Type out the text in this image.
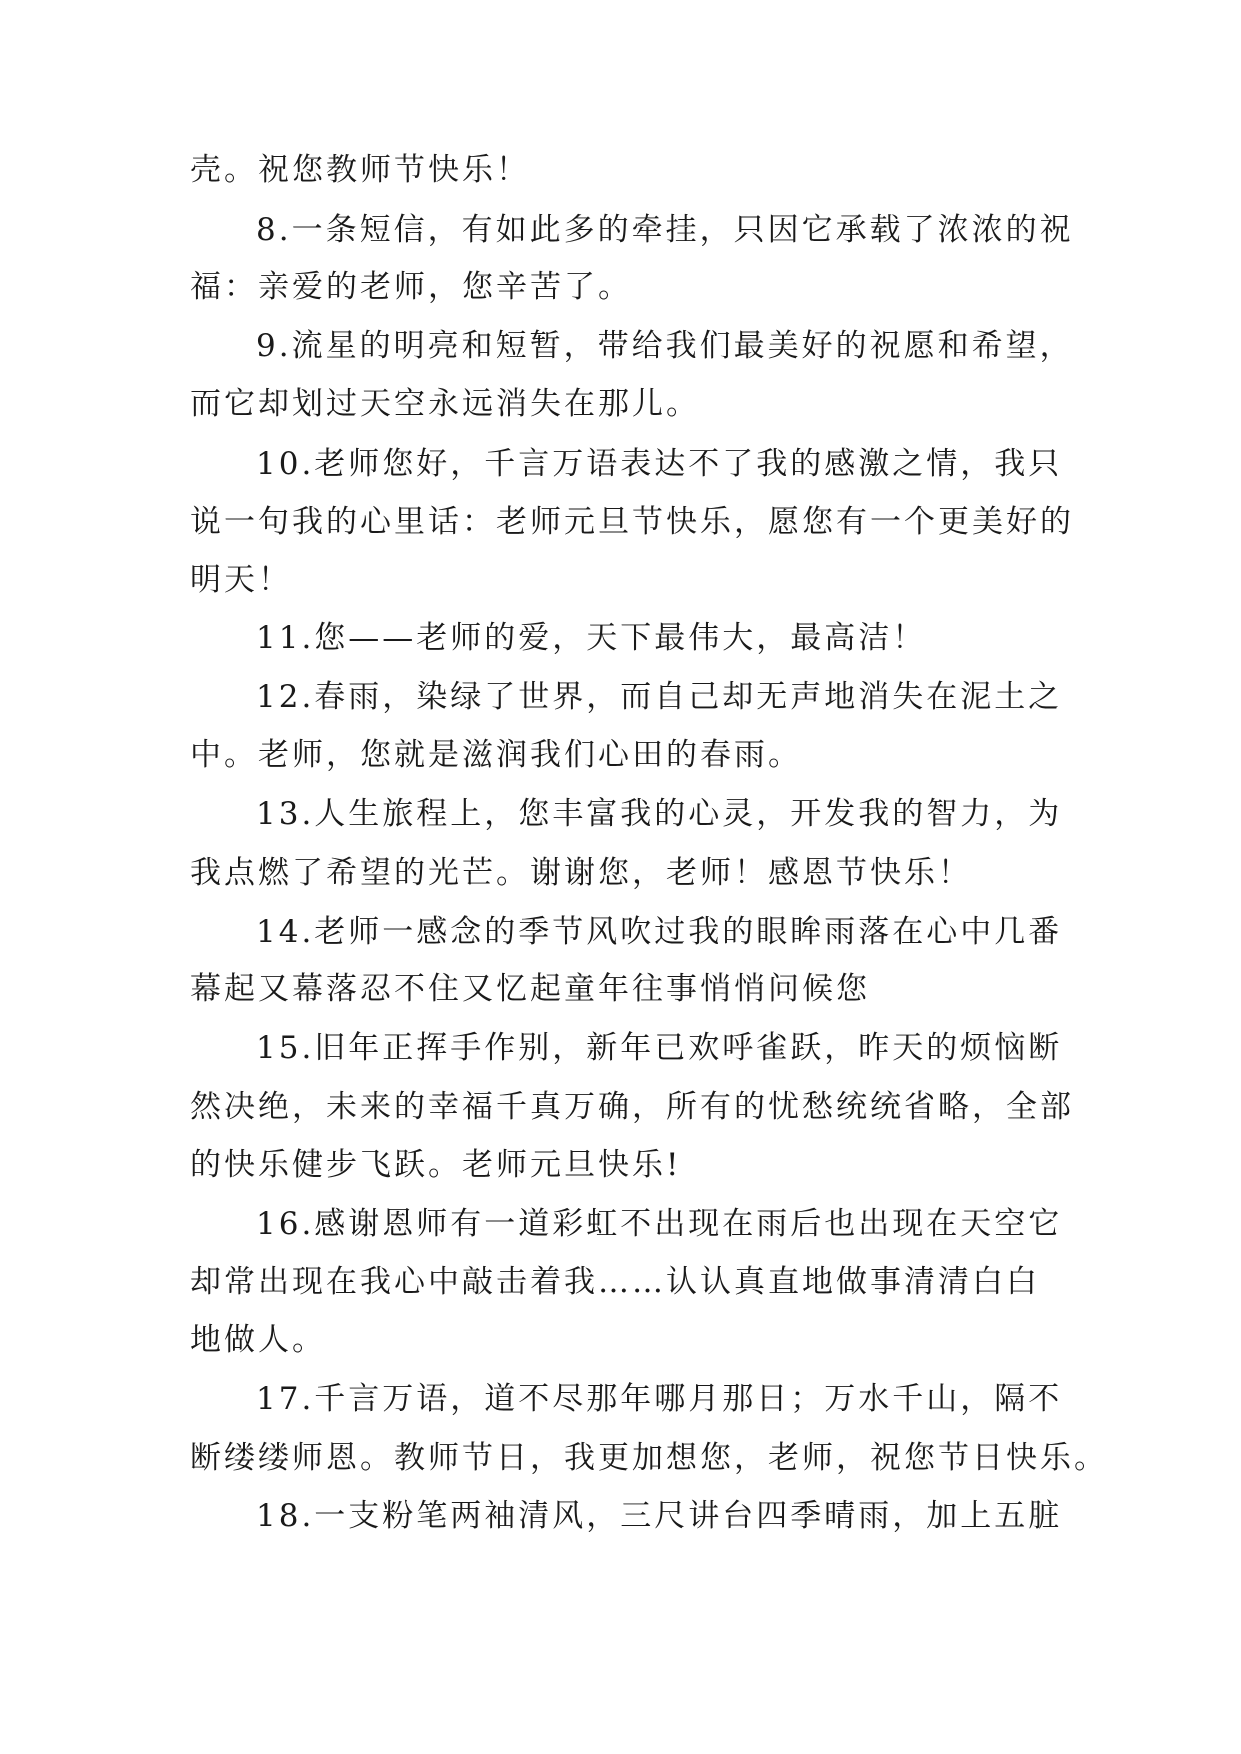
壳。祝您教师节快乐！
8.一条短信，有如此多的牵挂，只因它承载了浓浓的祝
福：亲爱的老师，您辛苦了。
9.流星的明亮和短暂，带给我们最美好的祝愿和希望，
而它却划过天空永远消失在那儿。
10.老师您好，千言万语表达不了我的感激之情，我只
说一句我的心里话：老师元旦节快乐，愿您有一个更美好的
明天！
11.您——老师的爱，天下最伟大，最高洁！
12.春雨，染绿了世界，而自己却无声地消失在泥土之
中。老师，您就是滋润我们心田的春雨。
13.人生旅程上，您丰富我的心灵，开发我的智力，为
我点燃了希望的光芒。谢谢您，老师！感恩节快乐！
14.老师一感念的季节风吹过我的眼眸雨落在心中几番
幕起又幕落忍不住又忆起童年往事悄悄问候您
15.旧年正挥手作别，新年已欢呼雀跃，昨天的烦恼断
然决绝，未来的幸福千真万确，所有的忧愁统统省略，全部
的快乐健步飞跃。老师元旦快乐!
16.感谢恩师有一道彩虹不出现在雨后也出现在天空它
却常出现在我心中敲击着我……认认真直地做事清清白白
地做人。
17.千言万语，道不尽那年哪月那日；万水千山，隔不
断缕缕师恩。教师节日，我更加想您，老师，祝您节日快乐。
18.一支粉笔两袖清风，三尺讲台四季晴雨，加上五脏
